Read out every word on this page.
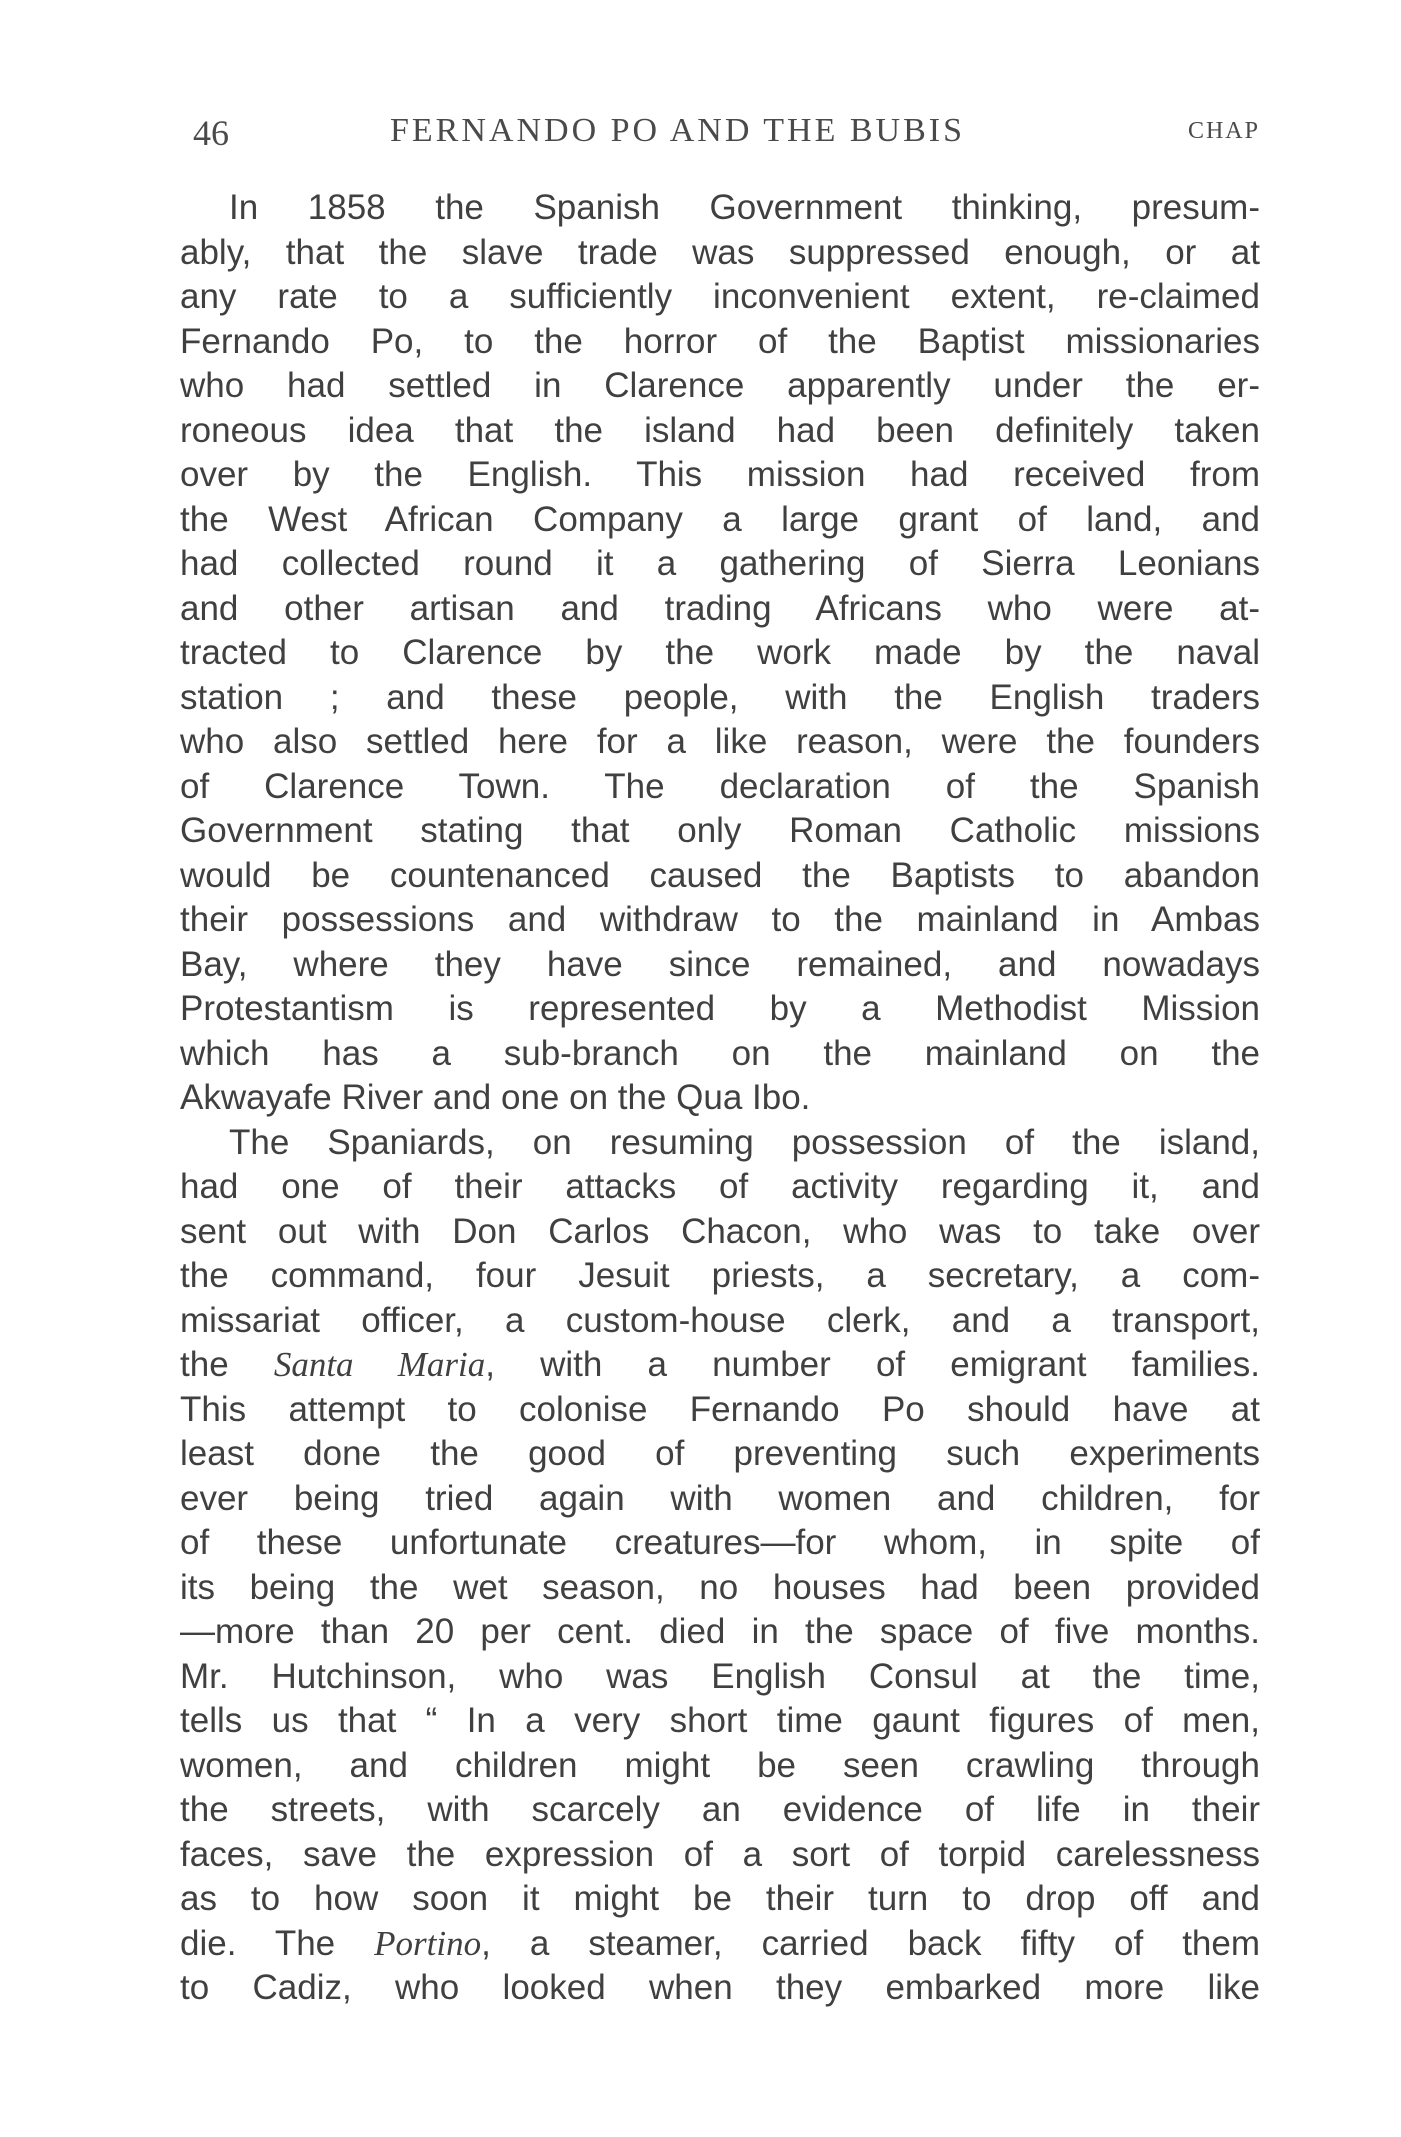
46	FERNANDO PO AND THE BUBIS	CHAP
In 1858 the Spanish Government thinking, presum-
ably, that the slave trade was suppressed enough, or at
any rate to a sufficiently inconvenient extent, re-claimed
Fernando Po, to the horror of the Baptist missionaries
who had settled in Clarence apparently under the er-
roneous idea that the island had been definitely taken
over by the English. This mission had received from
the West African Company a large grant of land, and
had collected round it a gathering of Sierra Leonians
and other artisan and trading Africans who were at-
tracted to Clarence by the work made by the naval
station ; and these people, with the English traders
who also settled here for a like reason, were the founders
of Clarence Town. The declaration of the Spanish
Government stating that only Roman Catholic missions
would be countenanced caused the Baptists to abandon
their possessions and withdraw to the mainland in Ambas
Bay, where they have since remained, and nowadays
Protestantism is represented by a Methodist Mission
which has a sub-branch on the mainland on the
Akwayafe River and one on the Qua Ibo.
The Spaniards, on resuming possession of the island,
had one of their attacks of activity regarding it, and
sent out with Don Carlos Chacon, who was to take over
the command, four Jesuit priests, a secretary, a com-
missariat officer, a custom-house clerk, and a transport,
the Santa Maria, with a number of emigrant families.
This attempt to colonise Fernando Po should have at
least done the good of preventing such experiments
ever being tried again with women and children, for
of these unfortunate creatures—for whom, in spite of
its being the wet season, no houses had been provided
—more than 20 per cent. died in the space of five months.
Mr. Hutchinson, who was English Consul at the time,
tells us that “ In a very short time gaunt figures of men,
women, and children might be seen crawling through
the streets, with scarcely an evidence of life in their
faces, save the expression of a sort of torpid carelessness
as to how soon it might be their turn to drop off and
die. The Portino, a steamer, carried back fifty of them
to Cadiz, who looked when they embarked more like
